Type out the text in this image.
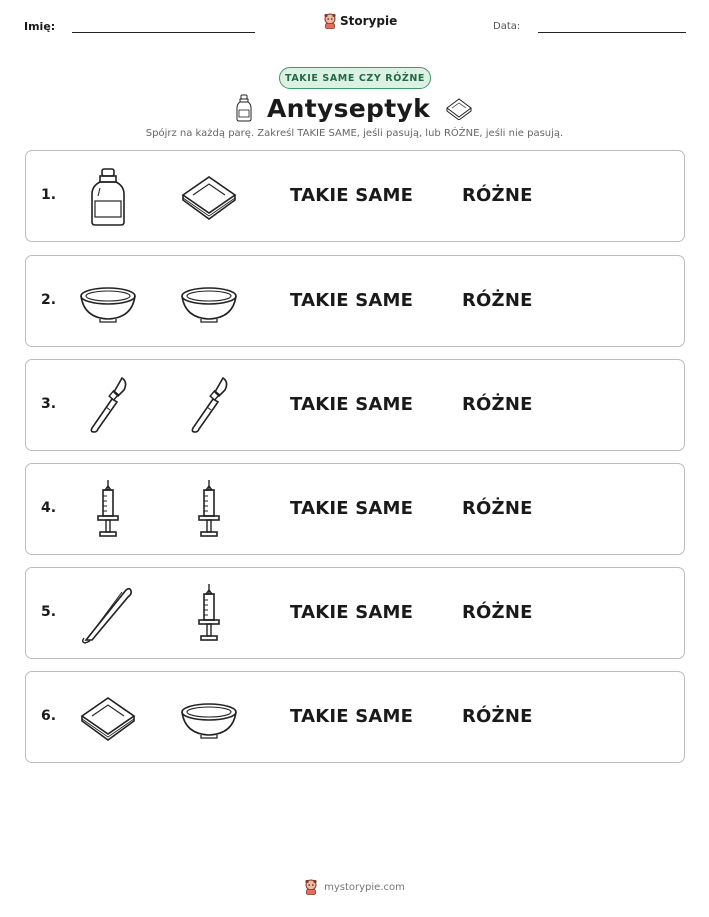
Imię:	Storypie	Data:
TAKIE SAME CZY RÓŻNE
Antyseptyk
Spójrz na każdą parę. Zakreśl TAKIE SAME, jeśli pasują, lub RÓŻNE, jeśli nie pasują.
1.	TAKIE SAME	RÓŻNE
2.	TAKIE SAME	RÓŻNE
3.	TAKIE SAME	RÓŻNE
4.	TAKIE SAME	RÓŻNE
5.	TAKIE SAME	RÓŻNE
6.	TAKIE SAME	RÓŻNE
mystorypie.com
